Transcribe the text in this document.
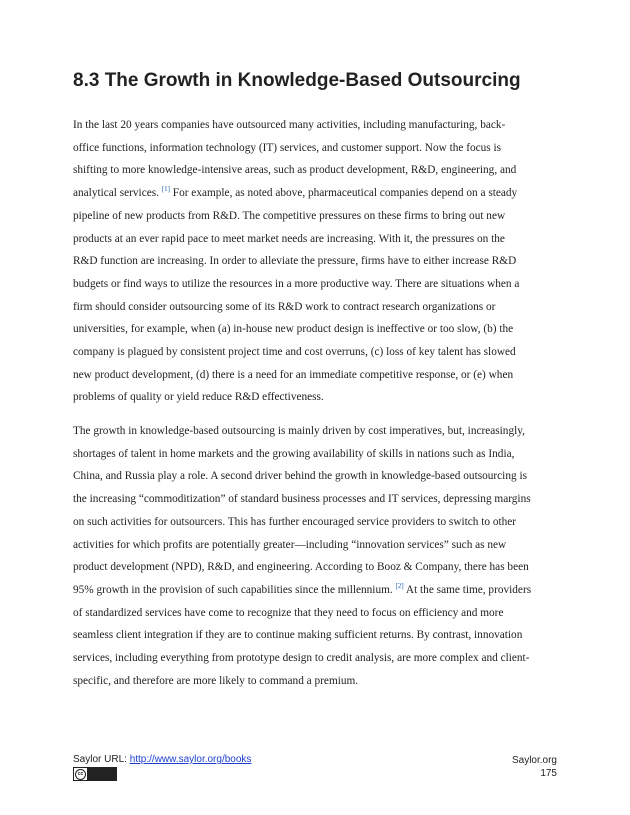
8.3 The Growth in Knowledge-Based Outsourcing

In the last 20 years companies have outsourced many activities, including manufacturing, back-
office functions, information technology (IT) services, and customer support. Now the focus is
shifting to more knowledge-intensive areas, such as product development, R&D, engineering, and
analytical services. [1] For example, as noted above, pharmaceutical companies depend on a steady
pipeline of new products from R&D. The competitive pressures on these firms to bring out new
products at an ever rapid pace to meet market needs are increasing. With it, the pressures on the
R&D function are increasing. In order to alleviate the pressure, firms have to either increase R&D
budgets or find ways to utilize the resources in a more productive way. There are situations when a
firm should consider outsourcing some of its R&D work to contract research organizations or
universities, for example, when (a) in-house new product design is ineffective or too slow, (b) the
company is plagued by consistent project time and cost overruns, (c) loss of key talent has slowed
new product development, (d) there is a need for an immediate competitive response, or (e) when
problems of quality or yield reduce R&D effectiveness.

The growth in knowledge-based outsourcing is mainly driven by cost imperatives, but, increasingly,
shortages of talent in home markets and the growing availability of skills in nations such as India,
China, and Russia play a role. A second driver behind the growth in knowledge-based outsourcing is
the increasing “commoditization” of standard business processes and IT services, depressing margins
on such activities for outsourcers. This has further encouraged service providers to switch to other
activities for which profits are potentially greater—including “innovation services” such as new
product development (NPD), R&D, and engineering. According to Booz & Company, there has been
95% growth in the provision of such capabilities since the millennium. [2] At the same time, providers
of standardized services have come to recognize that they need to focus on efficiency and more
seamless client integration if they are to continue making sufficient returns. By contrast, innovation
services, including everything from prototype design to credit analysis, are more complex and client-
specific, and therefore are more likely to command a premium.

Saylor URL: http://www.saylor.org/books
cc
Saylor.org
175
